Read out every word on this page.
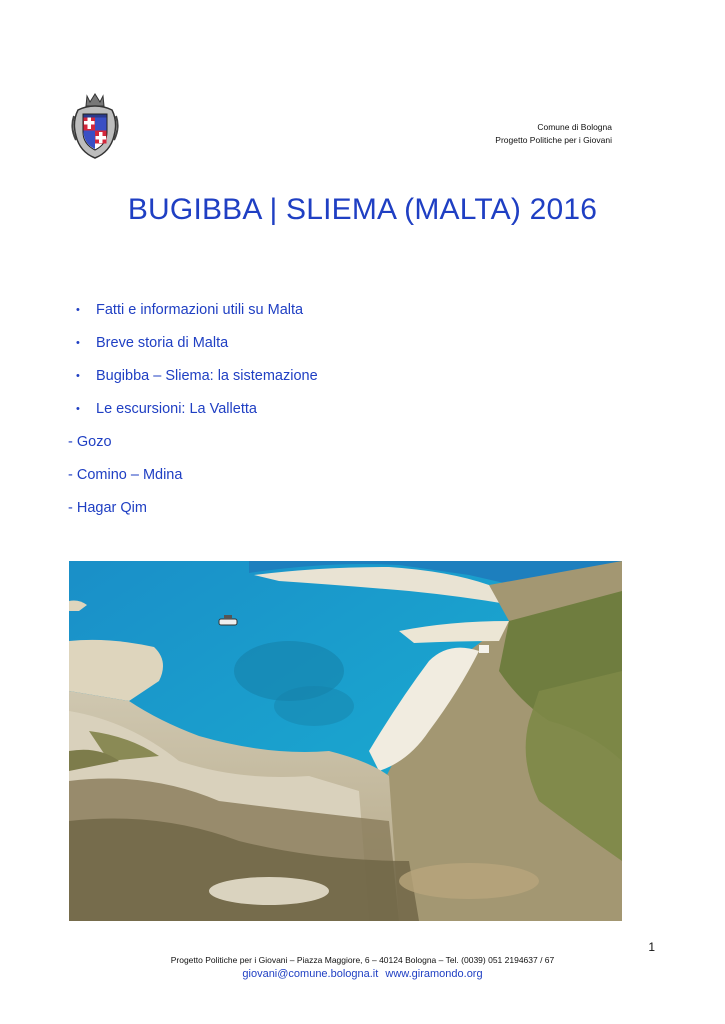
Comune di Bologna
Progetto Politiche per i Giovani
BUGIBBA | SLIEMA (MALTA) 2016
• Fatti e informazioni utili su Malta
• Breve storia di Malta
• Bugibba – Sliema: la sistemazione
• Le escursioni: La Valletta
- Gozo
- Comino – Mdina
- Hagar Qim
1
Progetto Politiche per i Giovani – Piazza Maggiore, 6 – 40124 Bologna – Tel. (0039) 051 2194637 / 67
giovani@comune.bologna.it www.giramondo.org
